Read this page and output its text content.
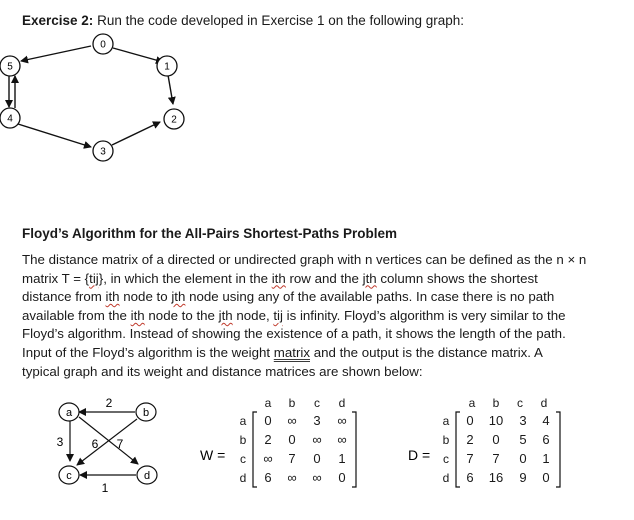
Exercise 2: Run the code developed in Exercise 1 on the following graph:
0
1
2
3
4
5
Floyd’s Algorithm for the All-Pairs Shortest-Paths Problem
The distance matrix of a directed or undirected graph with n vertices can be defined as the n × n
matrix T = {tij}, in which the element in the ith row and the jth column shows the shortest
distance from ith node to jth node using any of the available paths. In case there is no path
available from the ith node to the jth node, tij is infinity. Floyd’s algorithm is very similar to the
Floyd’s algorithm. Instead of showing the existence of a path, it shows the length of the path.
Input of the Floyd’s algorithm is the weight matrix and the output is the distance matrix. A
typical graph and its weight and distance matrices are shown below:
2
3 6 7
1
a	b
c	d
W =
a b c d
a
b
c
d
0 ∞ 3 ∞
2 0 ∞ ∞
∞ 7 0 1
6 ∞ ∞ 0
D =
a b c d
a
b
c
d
0 10 3 4
2 0 5 6
7 7 0 1
6 16 9 0
